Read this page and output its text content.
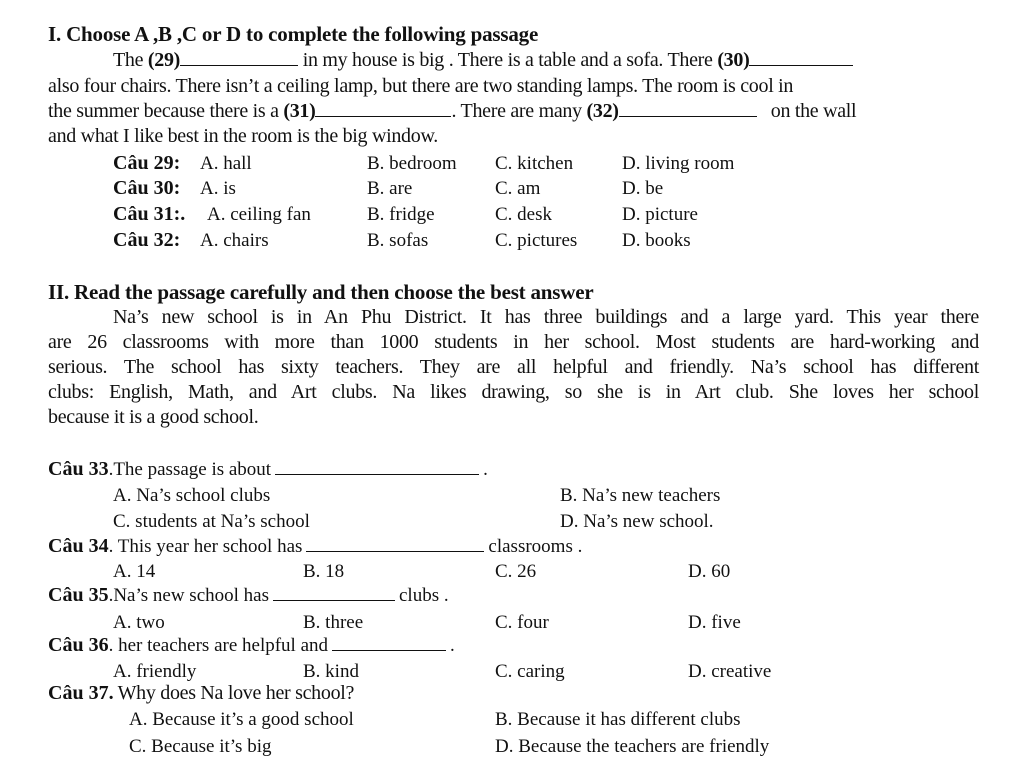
I. Choose A ,B ,C or D to complete the following passage
The (29)	in my house is big . There is a table and a sofa. There (30)
also four chairs. There isn’t a ceiling lamp, but there are two standing lamps. The room is cool in
the summer because there is a (31)	. There are many (32)	on the wall
and what I like best in the room is the big window.
Câu 29: A. hall	B. bedroom C. kitchen	D. living room
Câu 30: A. is	B. are	C. am	D. be
Câu 31:. A. ceiling fan	B. fridge	C. desk	D. picture
Câu 32: A. chairs	B. sofas	C. pictures D. books
II. Read the passage carefully and then choose the best answer
Na’s new school is in An Phu District. It has three buildings and a large yard. This year there
are 26 classrooms with more than 1000 students in her school. Most students are hard-working and
serious. The school has sixty teachers. They are all helpful and friendly. Na’s school has different
clubs: English, Math, and Art clubs. Na likes drawing, so she is in Art club. She loves her school
because it is a good school.
Câu 33.The passage is about	.
A. Na’s school clubs	B. Na’s new teachers
C. students at Na’s school	D. Na’s new school.
Câu 34. This year her school has	classrooms .
A. 14	B. 18	C. 26	D. 60
Câu 35.Na’s new school has	clubs .
A. two	B. three	C. four	D. five
Câu 36. her teachers are helpful and	.
A. friendly	B. kind	C. caring	D. creative
Câu 37. Why does Na love her school?
A. Because it’s a good school	B. Because it has different clubs
C. Because it’s big	D. Because the teachers are friendly
